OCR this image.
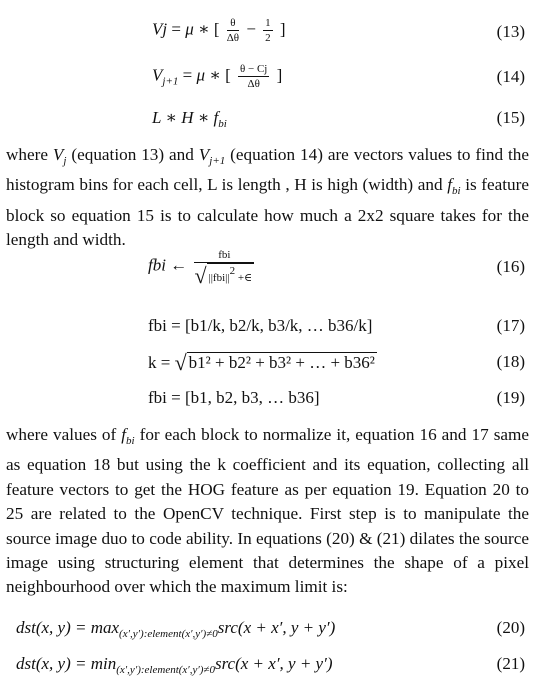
Vj = μ ∗ [ $\frac{\theta}{\Delta\theta} - \frac{1}{2}$ ]	(13)
$V_{j+1} = \mu$ ∗ [ $\frac{\theta - Cj}{\Delta\theta}$ ]	(14)
L ∗ H ∗ $f_{bi}$	(15)
where $V_j$ (equation 13) and $V_{j+1}$ (equation 14) are vectors values to find the histogram bins for each cell, L is length , H is high (width) and $f_{bi}$ is feature block so equation 15 is to calculate how much a 2x2 square takes for the length and width.
fbi ← $\frac{\text{fbi}}{\text{√ ||fbi||2 +∈}}$	(16)
fbi = [b1/k, b2/k, b3/k, … b36/k]	(17)
k = √ b1² + b2² + b3² + … + b36²	(18)
fbi = [b1, b2, b3, … b36]	(19)
where values of $f_{bi}$ for each block to normalize it, equation 16 and 17 same as equation 18 but using the k coefficient and its equation, collecting all feature vectors to get the HOG feature as per equation 19. Equation 20 to 25 are related to the OpenCV technique. First step is to manipulate the source image duo to code ability. In equations (20) & (21) dilates the source image using structuring element that determines the shape of a pixel neighbourhood over which the maximum limit is:
dst(x, $y) = \max_{(x',y'):element(x',y')\ne 0}src(x + x'$, y + y′)	(20)
dst(x, $y) = \min_{(x',y'):element(x',y')\ne 0}src(x + x'$, y + y′)	(21)
